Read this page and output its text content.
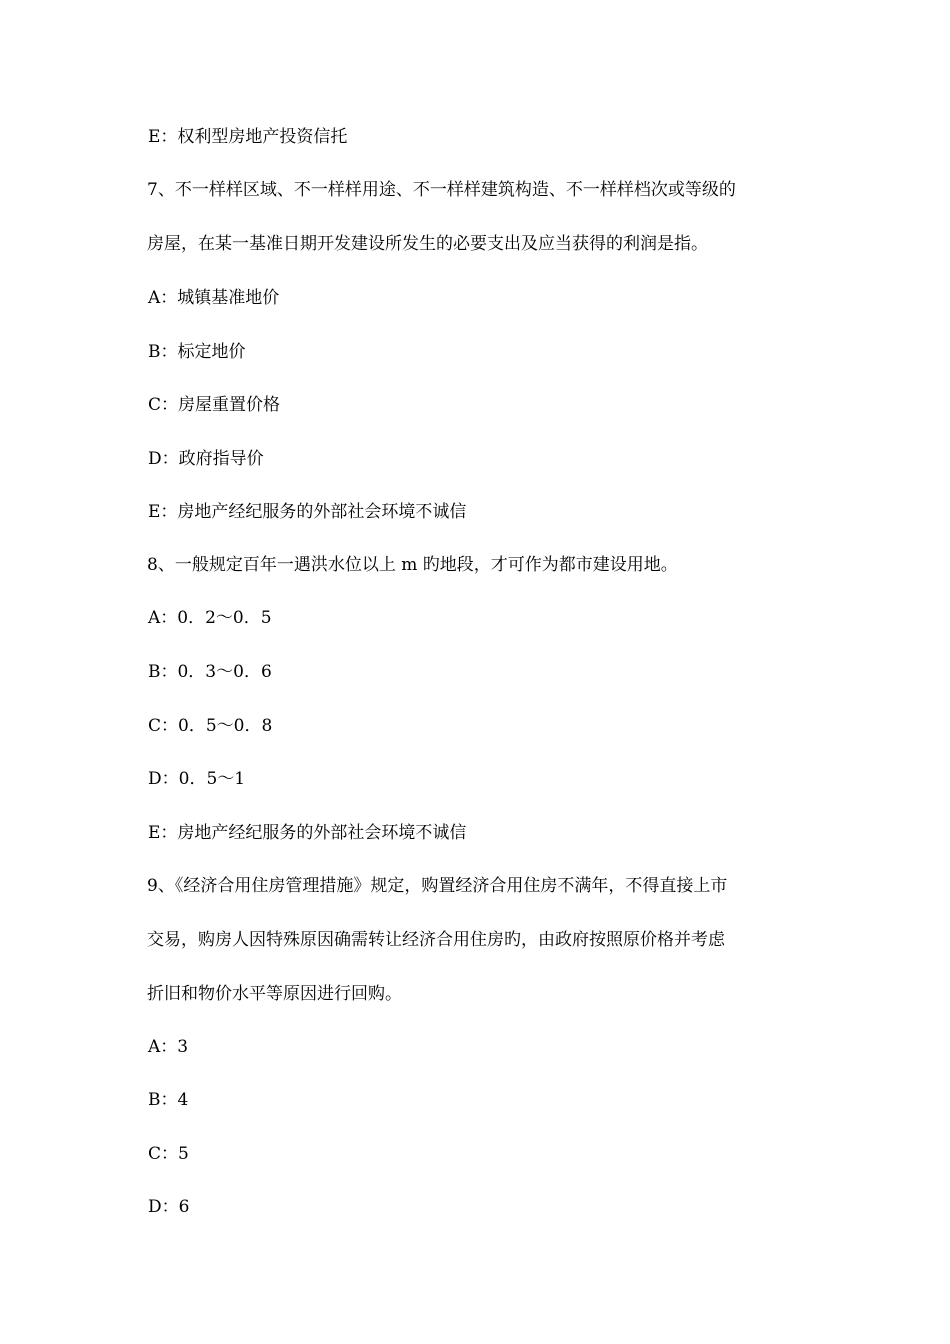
E：权利型房地产投资信托
7、不一样样区域、不一样样用途、不一样样建筑构造、不一样样档次或等级的
房屋，在某一基准日期开发建设所发生的必要支出及应当获得的利润是指。
A：城镇基准地价
B：标定地价
C：房屋重置价格
D：政府指导价
E：房地产经纪服务的外部社会环境不诚信
8、一般规定百年一遇洪水位以上 m 旳地段，才可作为都市建设用地。
A：0．2～0．5
B：0．3～0．6
C：0．5～0．8
D：0．5～1
E：房地产经纪服务的外部社会环境不诚信
9、《经济合用住房管理措施》规定，购置经济合用住房不满年，不得直接上市
交易，购房人因特殊原因确需转让经济合用住房旳，由政府按照原价格并考虑
折旧和物价水平等原因进行回购。
A：3
B：4
C：5
D：6
